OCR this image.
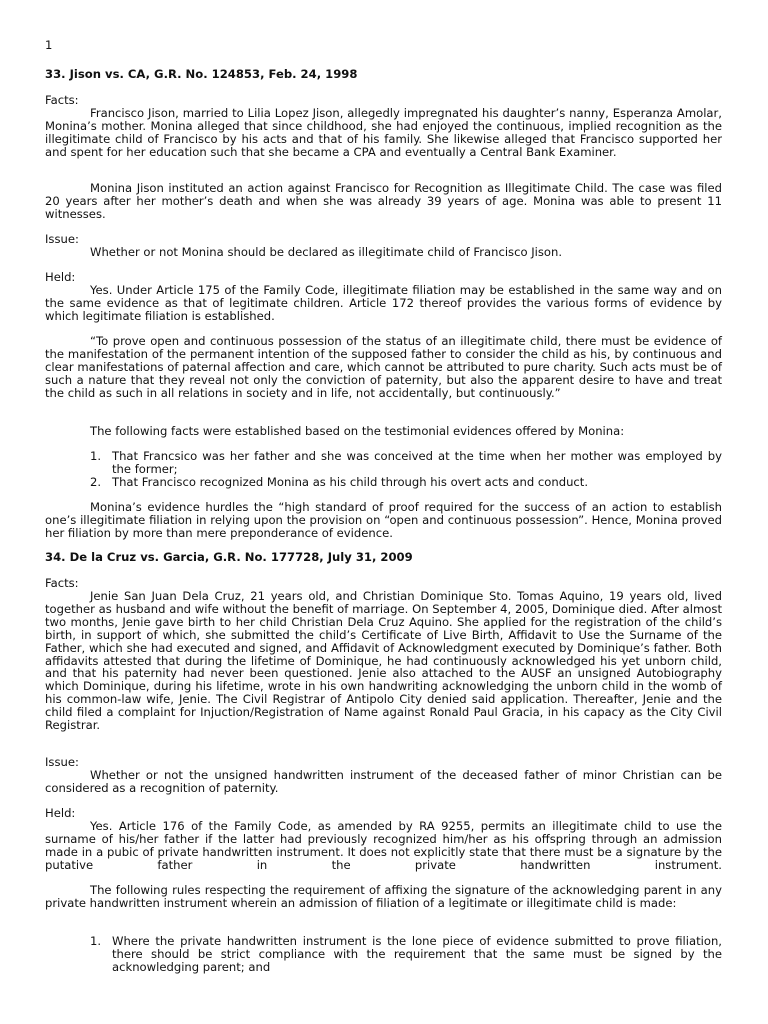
1
33. Jison vs. CA, G.R. No. 124853, Feb. 24, 1998
Facts:

Francisco Jison, married to Lilia Lopez Jison, allegedly impregnated his daughter’s nanny, Esperanza Amolar, Monina’s mother. Monina alleged that since childhood, she had enjoyed the continuous, implied recognition as the illegitimate child of Francisco by his acts and that of his family. She likewise alleged that Francisco supported her and spent for her education such that she became a CPA and eventually a Central Bank Examiner.

Monina Jison instituted an action against Francisco for Recognition as Illegitimate Child. The case was filed 20 years after her mother’s death and when she was already 39 years of age. Monina was able to present 11 witnesses.

Issue:

Whether or not Monina should be declared as illegitimate child of Francisco Jison.

Held:

Yes. Under Article 175 of the Family Code, illegitimate filiation may be established in the same way and on the same evidence as that of legitimate children. Article 172 thereof provides the various forms of evidence by which legitimate filiation is established.

“To prove open and continuous possession of the status of an illegitimate child, there must be evidence of the manifestation of the permanent intention of the supposed father to consider the child as his, by continuous and clear manifestations of paternal affection and care, which cannot be attributed to pure charity. Such acts must be of such a nature that they reveal not only the conviction of paternity, but also the apparent desire to have and treat the child as such in all relations in society and in life, not accidentally, but continuously.”

The following facts were established based on the testimonial evidences offered by Monina:

1. That Francsico was her father and she was conceived at the time when her mother was employed by the former;
2. That Francisco recognized Monina as his child through his overt acts and conduct.

Monina’s evidence hurdles the “high standard of proof required for the success of an action to establish one’s illegitimate filiation in relying upon the provision on “open and continuous possession”. Hence, Monina proved her filiation by more than mere preponderance of evidence.

34. De la Cruz vs. Garcia, G.R. No. 177728, July 31, 2009
Facts:

Jenie San Juan Dela Cruz, 21 years old, and Christian Dominique Sto. Tomas Aquino, 19 years old, lived together as husband and wife without the benefit of marriage. On September 4, 2005, Dominique died. After almost two months, Jenie gave birth to her child Christian Dela Cruz Aquino. She applied for the registration of the child’s birth, in support of which, she submitted the child’s Certificate of Live Birth, Affidavit to Use the Surname of the Father, which she had executed and signed, and Affidavit of Acknowledgment executed by Dominique’s father. Both affidavits attested that during the lifetime of Dominique, he had continuously acknowledged his yet unborn child, and that his paternity had never been questioned. Jenie also attached to the AUSF an unsigned Autobiography which Dominique, during his lifetime, wrote in his own handwriting acknowledging the unborn child in the womb of his common-law wife, Jenie. The Civil Registrar of Antipolo City denied said application. Thereafter, Jenie and the child filed a complaint for Injuction/Registration of Name against Ronald Paul Gracia, in his capacy as the City Civil Registrar.

Issue:

Whether or not the unsigned handwritten instrument of the deceased father of minor Christian can be considered as a recognition of paternity.

Held:

Yes. Article 176 of the Family Code, as amended by RA 9255, permits an illegitimate child to use the surname of his/her father if the latter had previously recognized him/her as his offspring through an admission made in a pubic of private handwritten instrument. It does not explicitly state that there must be a signature by the putative father in the private handwritten instrument.

The following rules respecting the requirement of affixing the signature of the acknowledging parent in any private handwritten instrument wherein an admission of filiation of a legitimate or illegitimate child is made:

1. Where the private handwritten instrument is the lone piece of evidence submitted to prove filiation, there should be strict compliance with the requirement that the same must be signed by the acknowledging parent; and
